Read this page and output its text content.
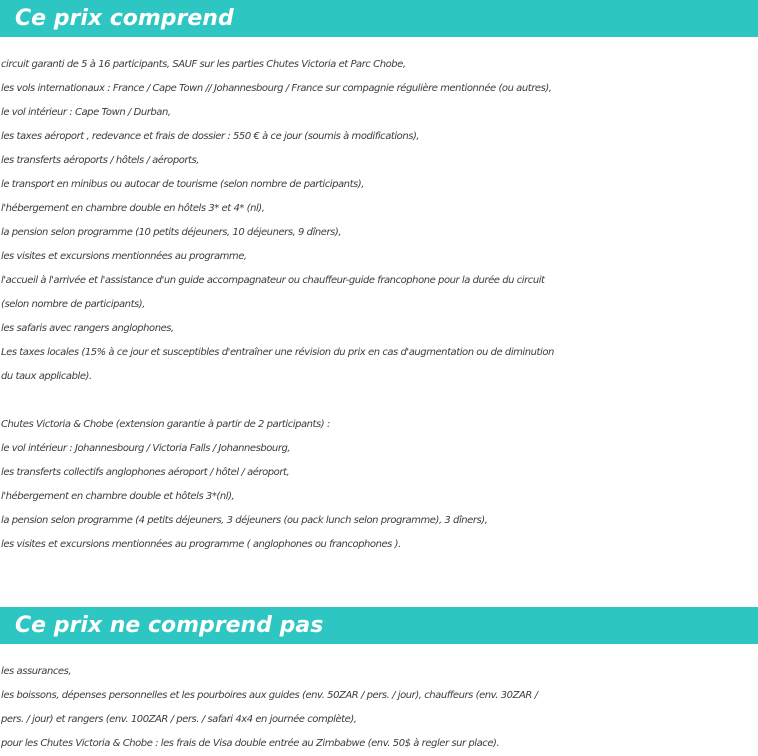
Ce prix comprend
circuit garanti de 5 à 16 participants, SAUF sur les parties Chutes Victoria et Parc Chobe,
les vols internationaux : France / Cape Town // Johannesbourg / France sur compagnie régulière mentionnée (ou autres),
le vol intérieur : Cape Town / Durban,
les taxes aéroport , redevance et frais de dossier : 550 € à ce jour (soumis à modifications),
les transferts aéroports / hôtels / aéroports,
le transport en minibus ou autocar de tourisme (selon nombre de participants),
l'hébergement en chambre double en hôtels 3* et 4* (nl),
la pension selon programme (10 petits déjeuners, 10 déjeuners, 9 dîners),
les visites et excursions mentionnées au programme,
l'accueil à l'arrivée et l'assistance d'un guide accompagnateur ou chauffeur-guide francophone pour la durée du circuit
(selon nombre de participants),
les safaris avec rangers anglophones,
Les taxes locales (15% à ce jour et susceptibles d'entraîner une révision du prix en cas d'augmentation ou de diminution
du taux applicable).
Chutes Victoria & Chobe (extension garantie à partir de 2 participants) :
le vol intérieur : Johannesbourg / Victoria Falls / Johannesbourg,
les transferts collectifs anglophones aéroport / hôtel / aéroport,
l'hébergement en chambre double et hôtels 3*(nl),
la pension selon programme (4 petits déjeuners, 3 déjeuners (ou pack lunch selon programme), 3 dîners),
les visites et excursions mentionnées au programme ( anglophones ou francophones ).
Ce prix ne comprend pas
les assurances,
les boissons, dépenses personnelles et les pourboires aux guides (env. 50ZAR / pers. / jour), chauffeurs (env. 30ZAR /
pers. / jour) et rangers (env. 100ZAR / pers. / safari 4x4 en journée complète),
pour les Chutes Victoria & Chobe : les frais de Visa double entrée au Zimbabwe (env. 50$ à regler sur place).
